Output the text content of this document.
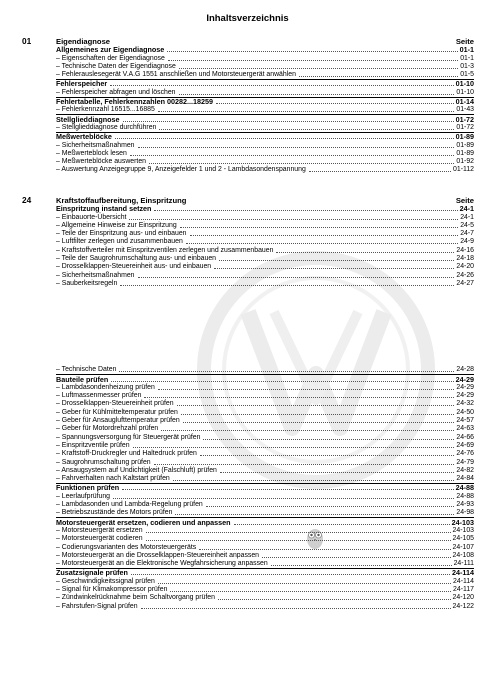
Inhaltsverzeichnis
01	Eigendiagnose	Seite
Allgemeines zur Eigendiagnose	01-1
– Eigenschaften der Eigendiagnose	01-1
– Technische Daten der Eigendiagnose	01-3
– Fehlerauslesegerät V.A.G 1551 anschließen und Motorsteuergerät anwählen	01-5
Fehlerspeicher	01-10
– Fehlerspeicher abfragen und löschen	01-10
Fehlertabelle, Fehlerkennzahlen 00282...18259	01-14
– Fehlerkennzahl 16515...16885	01-43
Stellglieddiagnose	01-72
– Stellglieddiagnose durchführen	01-72
Meßwerteblöcke	01-89
– Sicherheitsmaßnahmen	01-89
– Meßwerteblock lesen	01-89
– Meßwerteblöcke auswerten	01-92
– Auswertung Anzeigegruppe 9, Anzeigefelder 1 und 2 - Lambdasondenspannung	01-112
24	Kraftstoffaufbereitung, Einspritzung	Seite
Einspritzung instand setzen	24-1
– Einbauorte-Übersicht	24-1
– Allgemeine Hinweise zur Einspritzung	24-5
– Teile der Einspritzung aus- und einbauen	24-7
– Luftfilter zerlegen und zusammenbauen	24-9
– Kraftstoffverteiler mit Einspritzventilen zerlegen und zusammenbauen	24-16
– Teile der Saugrohrumschaltung aus- und einbauen	24-18
– Drosselklappen-Steuereinheit aus- und einbauen	24-20
– Sicherheitsmaßnahmen	24-26
– Sauberkeitsregeln	24-27
– Technische Daten	24-28
Bauteile prüfen	24-29
– Lambdasondenheizung prüfen	24-29
– Luftmassenmesser prüfen	24-29
– Drosselklappen-Steuereinheit prüfen	24-32
– Geber für Kühlmitteltemperatur prüfen	24-50
– Geber für Ansauglufttemperatur prüfen	24-57
– Geber für Motordrehzahl prüfen	24-63
– Spannungsversorgung für Steuergerät prüfen	24-66
– Einspritzventile prüfen	24-69
– Kraftstoff-Druckregler und Haltedruck prüfen	24-76
– Saugrohrumschaltung prüfen	24-79
– Ansaugsystem auf Undichtigkeit (Falschluft) prüfen	24-82
– Fahrverhalten nach Kaltstart prüfen	24-84
Funktionen prüfen	24-88
– Leerlaufprüfung	24-88
– Lambdasonden und Lambda-Regelung prüfen	24-93
– Betriebszustände des Motors prüfen	24-98
Motorsteuergerät ersetzen, codieren und anpassen	24-103
– Motorsteuergerät ersetzen	24-103
– Motorsteuergerät codieren	24-105
– Codierungsvarianten des Motorsteuergeräts	24-107
– Motorsteuergerät an die Drosselklappen-Steuereinheit anpassen	24-108
– Motorsteuergerät an die Elektronische Wegfahrsicherung anpassen	24-111
Zusatzsignale prüfen	24-114
– Geschwindigkeitssignal prüfen	24-114
– Signal für Klimakompressor prüfen	24-117
– Zündwinkelrücknahme beim Schaltvorgang prüfen	24-120
– Fahrstufen-Signal prüfen	24-122
